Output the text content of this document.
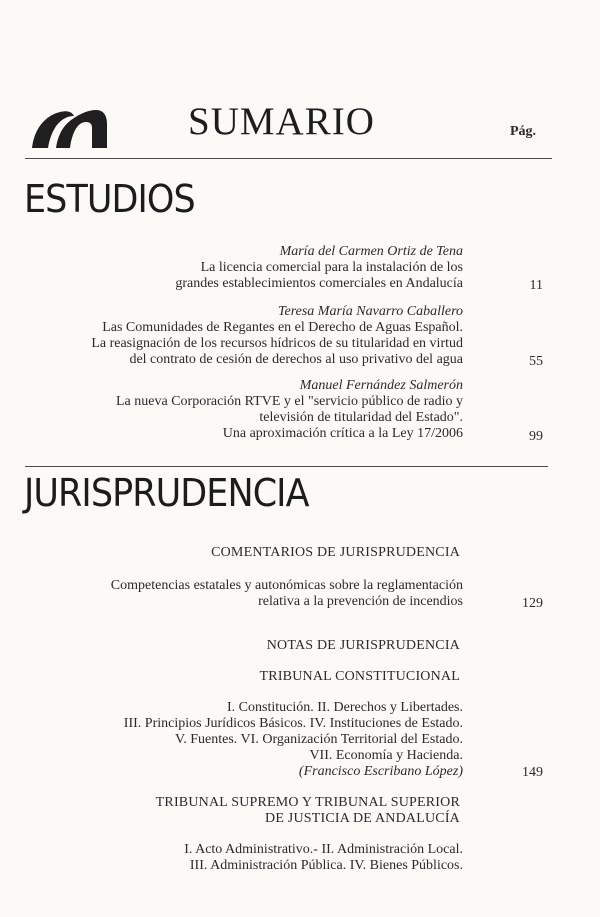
SUMARIO	Pág.
ESTUDIOS
María del Carmen Ortiz de Tena
La licencia comercial para la instalación de los
grandes establecimientos comerciales en Andalucía	11
Teresa María Navarro Caballero
Las Comunidades de Regantes en el Derecho de Aguas Español.
La reasignación de los recursos hídricos de su titularidad en virtud
del contrato de cesión de derechos al uso privativo del agua	55
Manuel Fernández Salmerón
La nueva Corporación RTVE y el "servicio público de radio y
televisión de titularidad del Estado".
Una aproximación crítica a la Ley 17/2006	99
JURISPRUDENCIA
COMENTARIOS DE JURISPRUDENCIA
Competencias estatales y autonómicas sobre la reglamentación
relativa a la prevención de incendios	129
NOTAS DE JURISPRUDENCIA
TRIBUNAL CONSTITUCIONAL
I. Constitución. II. Derechos y Libertades.
III. Principios Jurídicos Básicos. IV. Instituciones de Estado.
V. Fuentes. VI. Organización Territorial del Estado.
VII. Economía y Hacienda.
(Francisco Escribano López)	149
TRIBUNAL SUPREMO Y TRIBUNAL SUPERIOR
DE JUSTICIA DE ANDALUCÍA
I. Acto Administrativo.- II. Administración Local.
III. Administración Pública. IV. Bienes Públicos.
